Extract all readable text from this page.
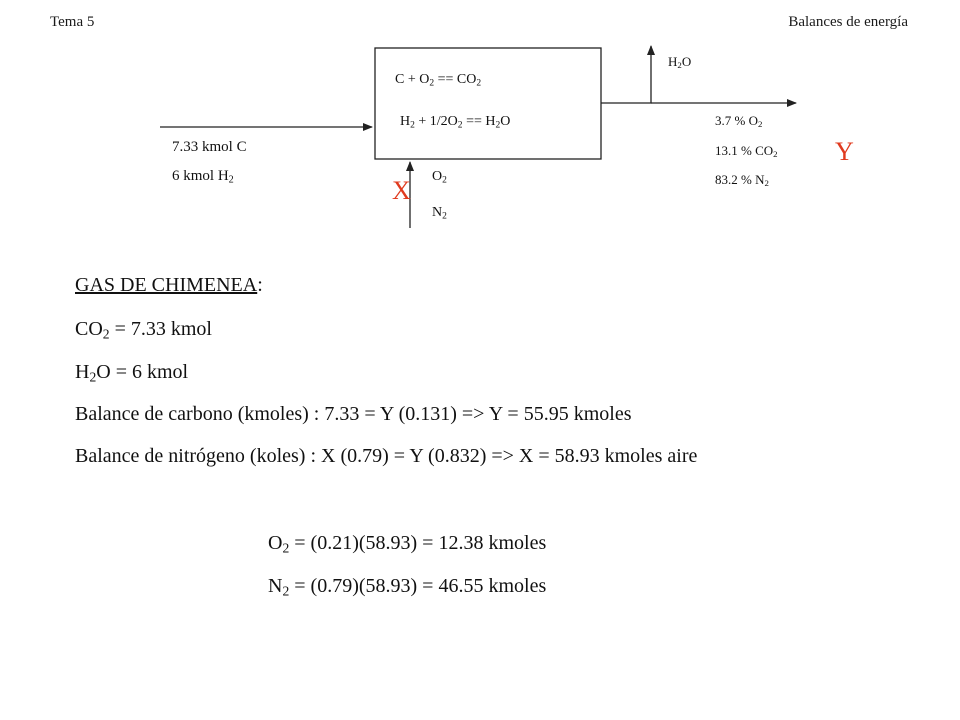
Tema 5	Balances de energía
$C + O_2 == CO_2$
$H_2 + 1/2O_2 == H_2O$
7.33 kmol C
6 kmol $H_2$	X $O_2$
$N_2$
$H_2O$
3.7 % $O_2$
13.1 % $CO_2$
83.2 % $N_2$
Y
GAS DE CHIMENEA:
$CO_2 = 7.33$ kmol
$H_2O = 6$ kmol
Balance de carbono (kmoles) : 7.33 = Y (0.131) => Y = 55.95 kmoles
Balance de nitrógeno (koles) : X (0.79) = Y (0.832) => X = 58.93 kmoles aire
$O_2 = (0.21)(58.93) = 12.38$ kmoles
$N_2 = (0.79)(58.93) = 46.55$ kmoles
